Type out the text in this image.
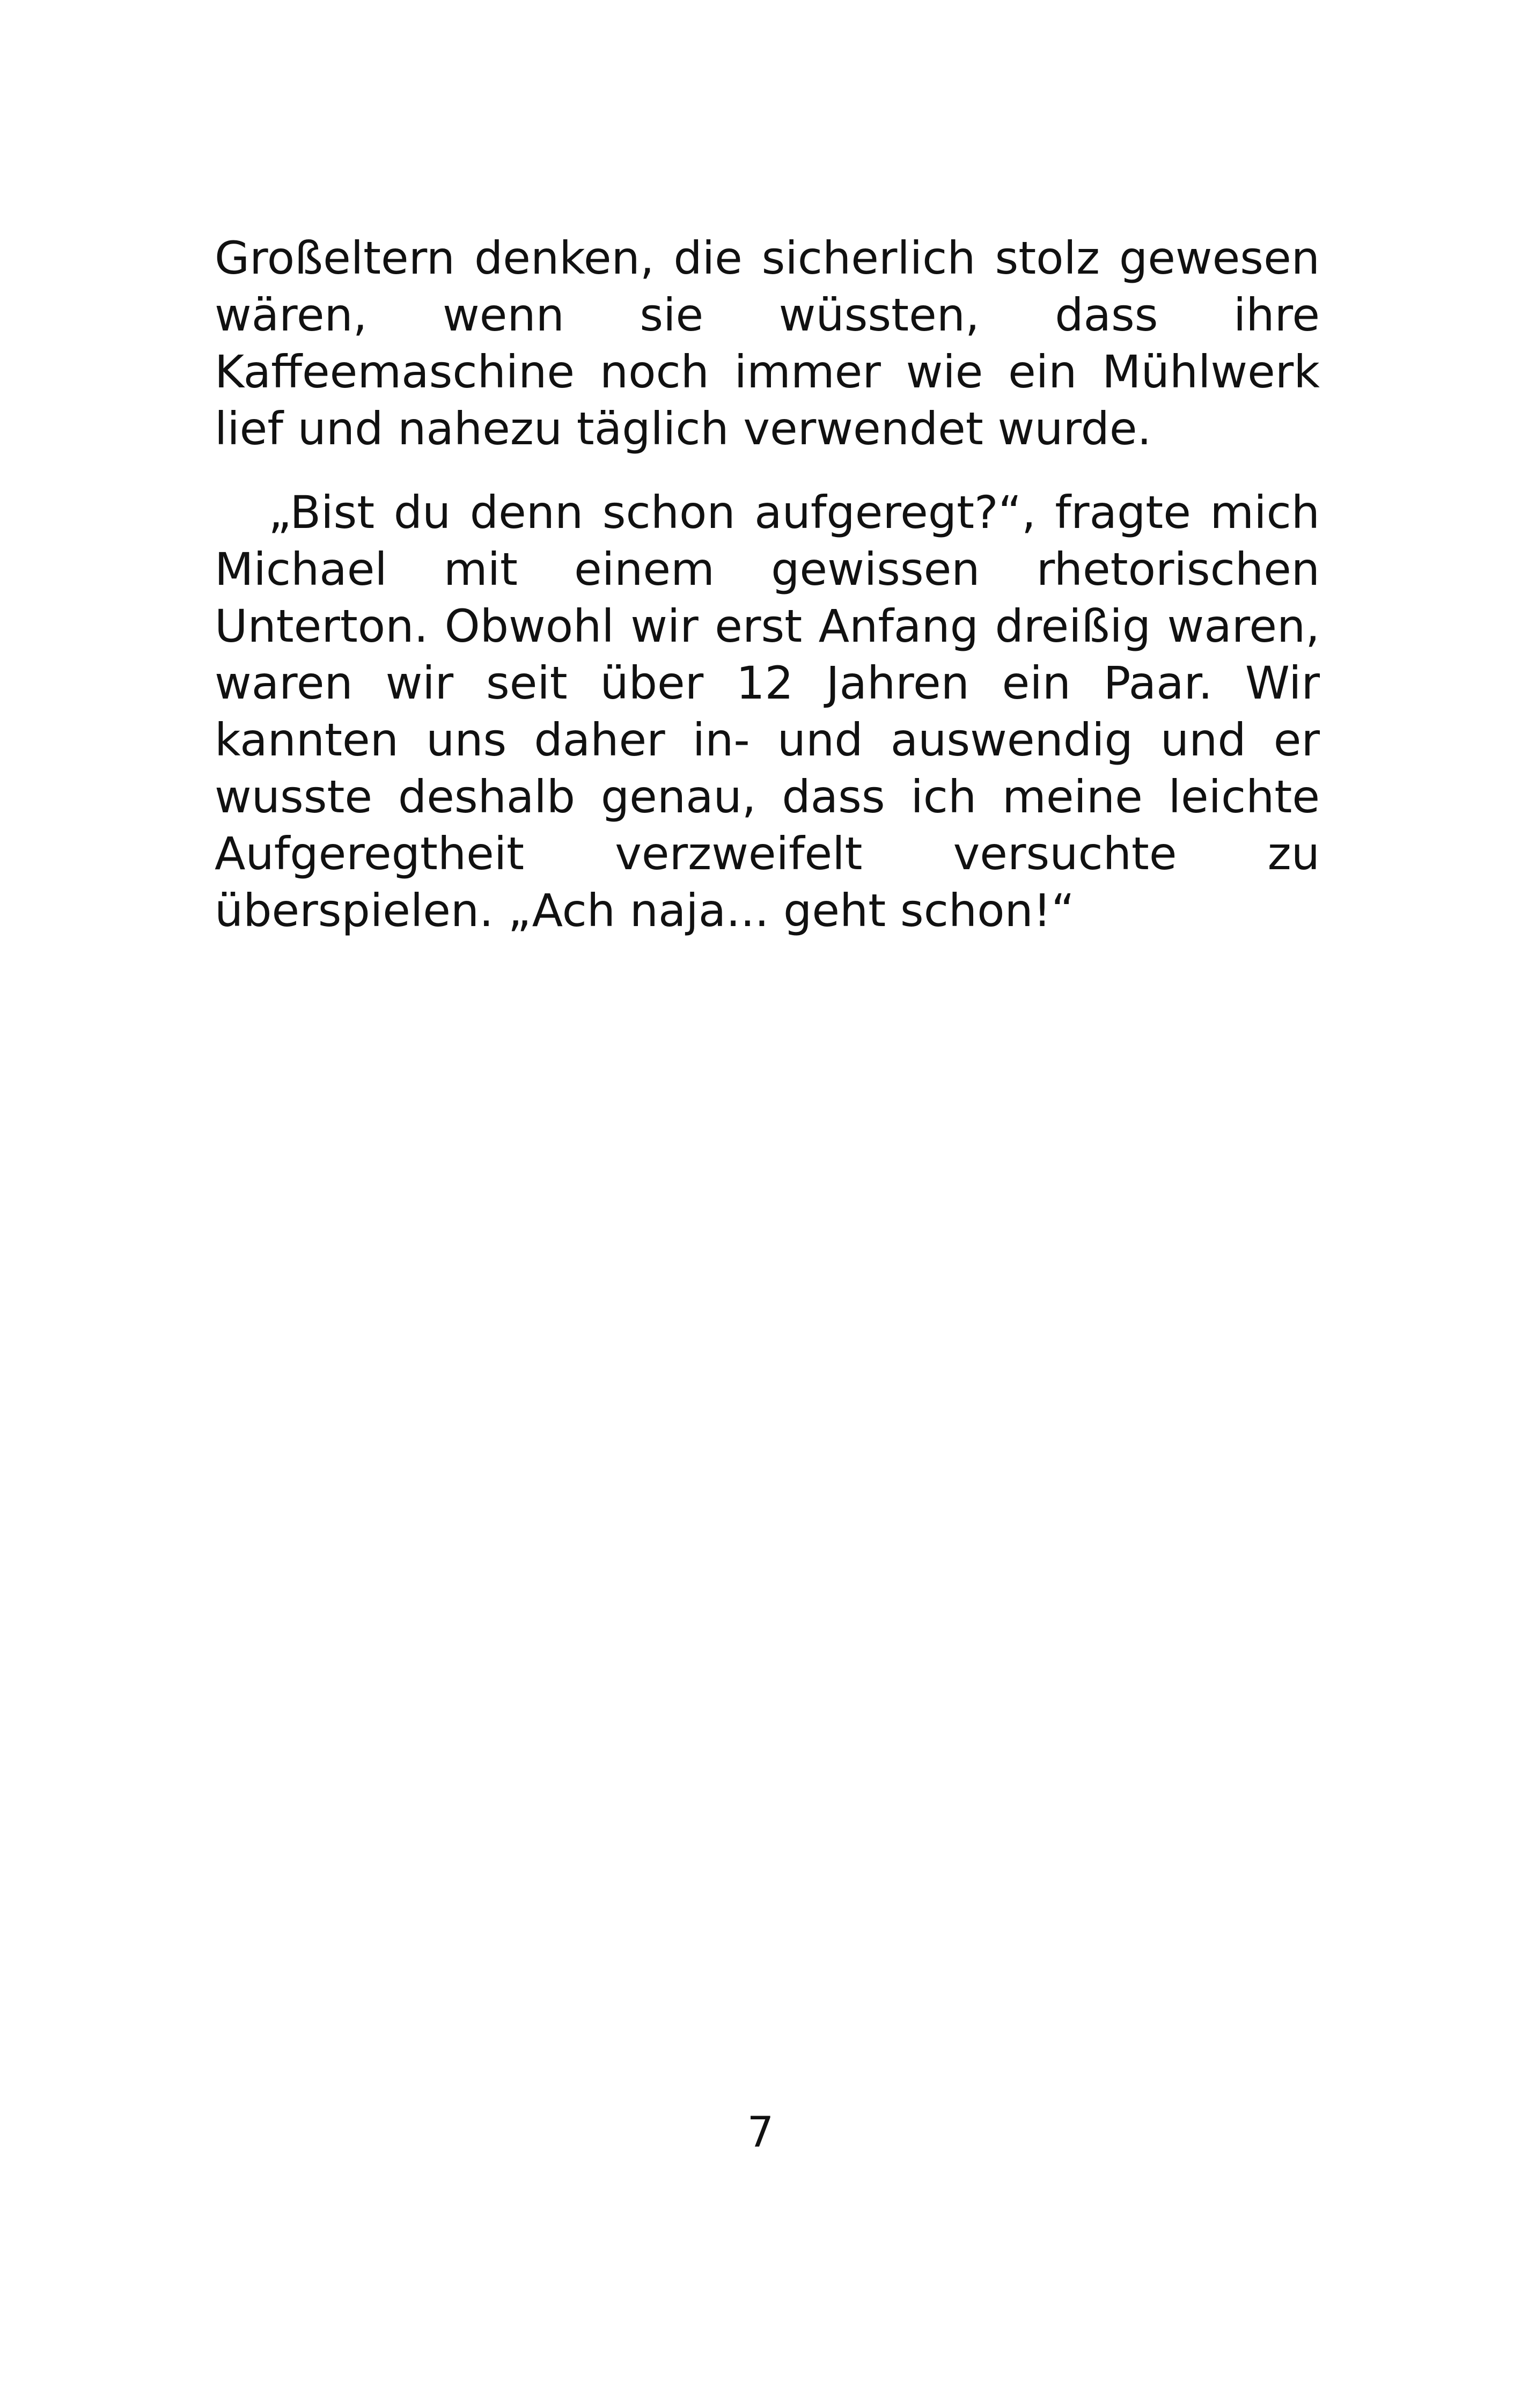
Großeltern denken, die sicherlich stolz gewesen wären, wenn sie wüssten, dass ihre Kaffeemaschine noch immer wie ein Mühlwerk lief und nahezu täglich verwendet wurde.

„Bist du denn schon aufgeregt?“, fragte mich Michael mit einem gewissen rhetorischen Unterton. Obwohl wir erst Anfang dreißig waren, waren wir seit über 12 Jahren ein Paar. Wir kannten uns daher in- und auswendig und er wusste deshalb genau, dass ich meine leichte Aufgeregtheit verzweifelt versuchte zu überspielen. „Ach naja... geht schon!“

7
